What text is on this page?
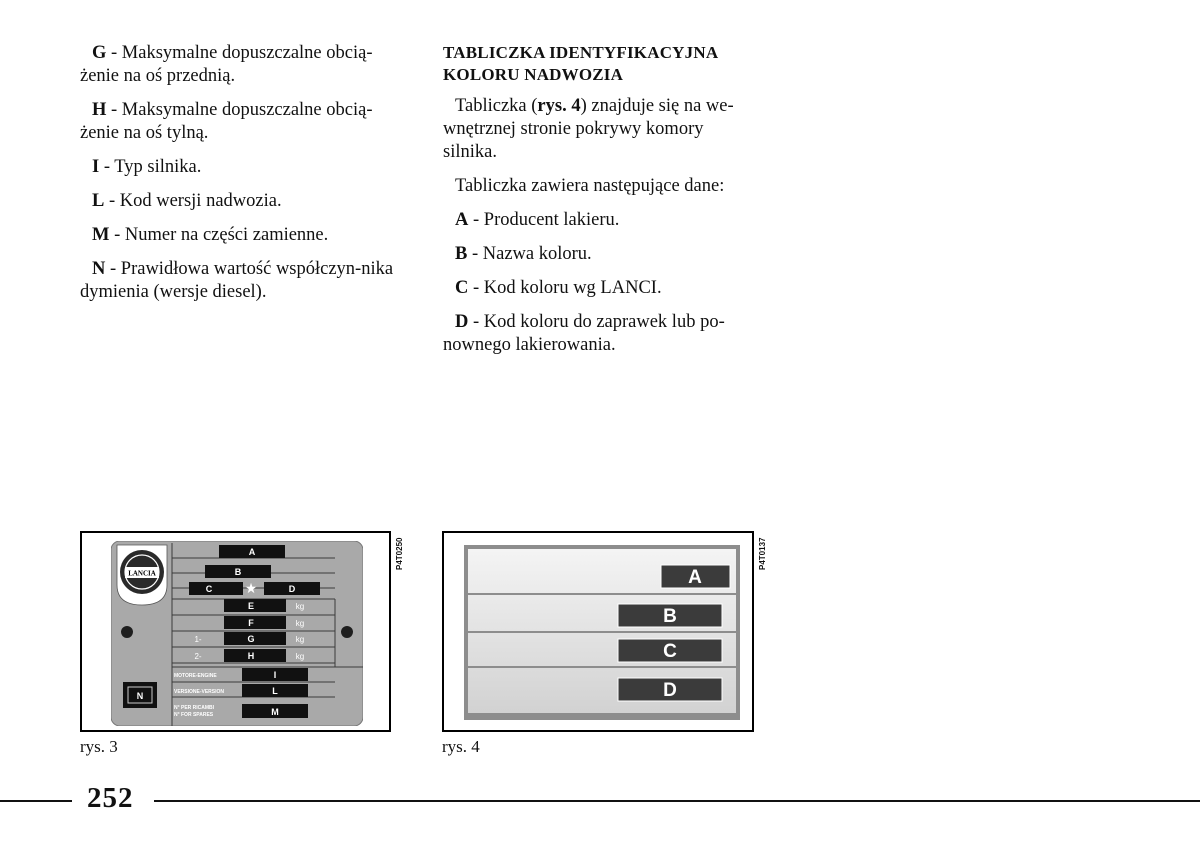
G - Maksymalne dopuszczalne obcią-żenie na oś przednią.

H - Maksymalne dopuszczalne obcią-żenie na oś tylną.

I - Typ silnika.

L - Kod wersji nadwozia.

M - Numer na części zamienne.

N - Prawidłowa wartość współczyn-nika dymienia (wersje diesel).

TABLICZKA IDENTYFIKACYJNA
KOLORU NADWOZIA

Tabliczka (rys. 4) znajduje się na we-wnętrznej stronie pokrywy komory silnika.

Tabliczka zawiera następujące dane:

A - Producent lakieru.

B - Nazwa koloru.

C - Kod koloru wg LANCI.

D - Kod koloru do zaprawek lub po-nownego lakierowania.

P4T0250
LANCIA
A
B
C	D
E
F
G
H
I
L
M
N
★
kg
kg
kg
kg
1-
2-
MOTORE-ENGINE
VERSIONE-VERSION
N° PER RICAMBI
N° FOR SPARES
rys. 3
P4T0137
A
B
C
D
rys. 4
252
